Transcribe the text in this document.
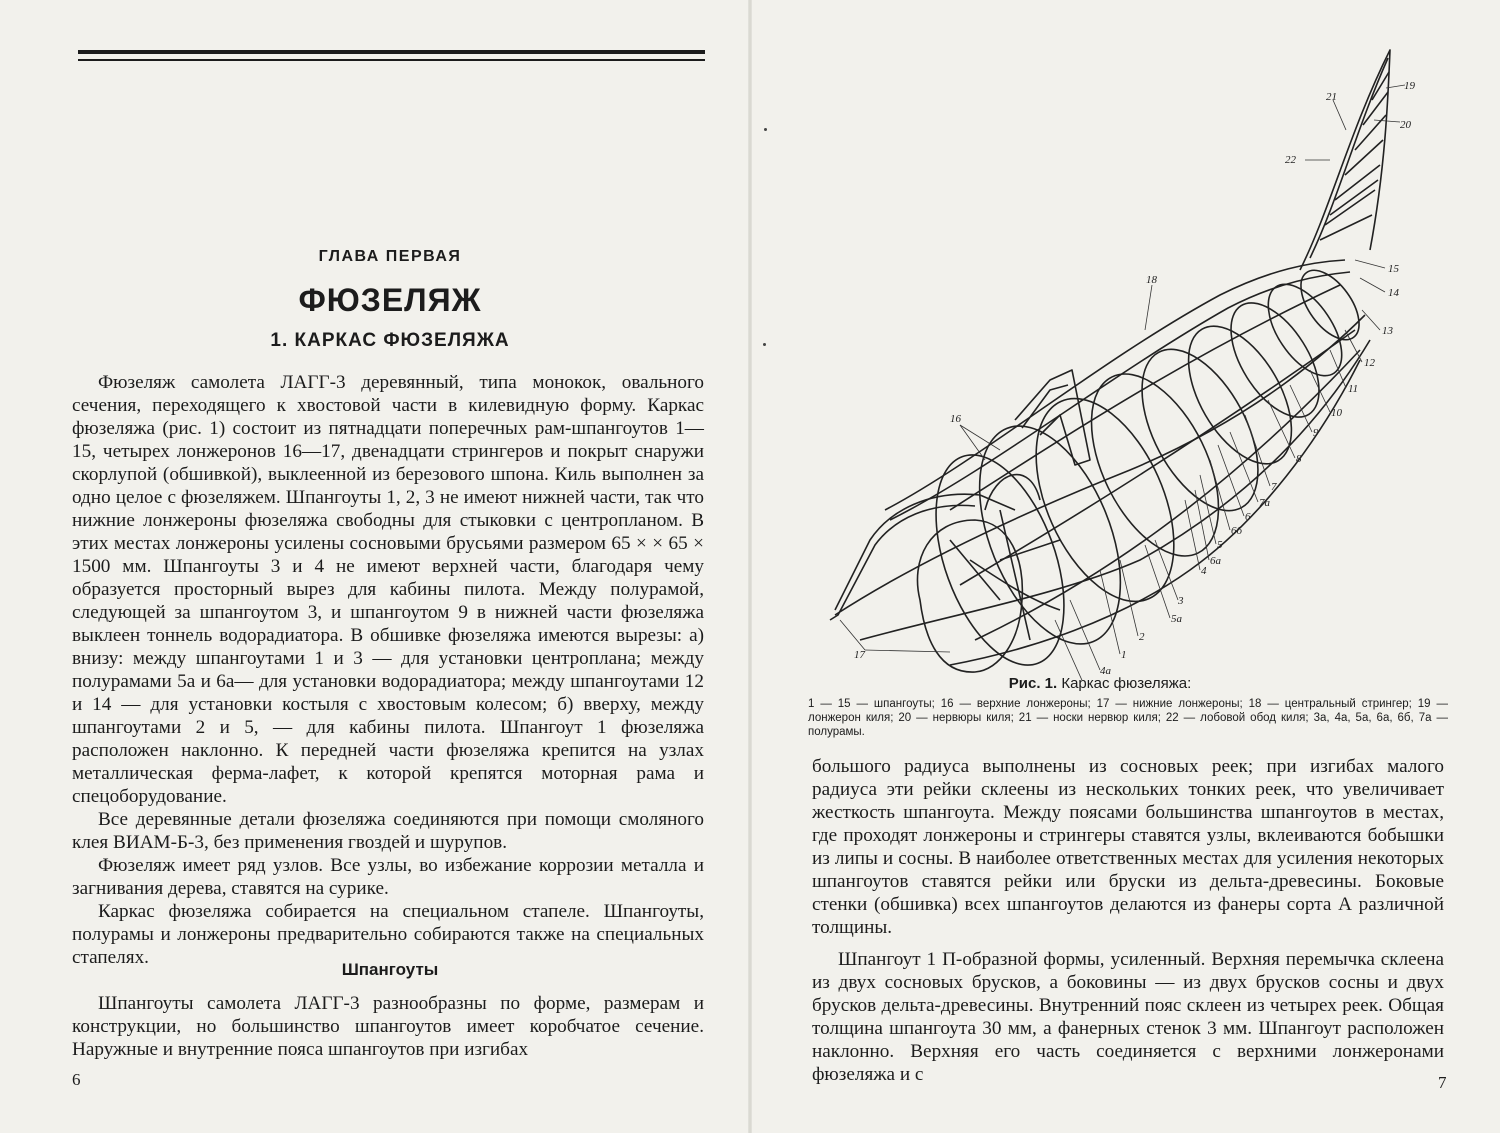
ГЛАВА ПЕРВАЯ
ФЮЗЕЛЯЖ
1. КАРКАС ФЮЗЕЛЯЖА

Фюзеляж самолета ЛАГГ-3 деревянный, типа монокок, овального сечения, переходящего к хвостовой части в килевидную форму. Каркас фюзеляжа (рис. 1) состоит из пятнадцати поперечных рам-шпангоутов 1—15, четырех лонжеронов 16—17, двенадцати стрингеров и покрыт снаружи скорлупой (обшивкой), выклеенной из березового шпона. Киль выполнен за одно целое с фюзеляжем. Шпангоуты 1, 2, 3 не имеют нижней части, так что нижние лонжероны фюзеляжа свободны для стыковки с центропланом. В этих местах лонжероны усилены сосновыми брусьями размером 65 × × 65 × 1500 мм. Шпангоуты 3 и 4 не имеют верхней части, благодаря чему образуется просторный вырез для кабины пилота. Между полурамой, следующей за шпангоутом 3, и шпангоутом 9 в нижней части фюзеляжа выклеен тоннель водорадиатора. В обшивке фюзеляжа имеются вырезы: а) внизу: между шпангоутами 1 и 3 — для установки центроплана; между полурамами 5а и 6а— для установки водорадиатора; между шпангоутами 12 и 14 — для установки костыля с хвостовым колесом; б) вверху, между шпангоутами 2 и 5, — для кабины пилота. Шпангоут 1 фюзеляжа расположен наклонно. К передней части фюзеляжа крепится на узлах металлическая ферма-лафет, к которой крепятся моторная рама и спецоборудование.

Все деревянные детали фюзеляжа соединяются при помощи смоляного клея ВИАМ-Б-3, без применения гвоздей и шурупов.

Фюзеляж имеет ряд узлов. Все узлы, во избежание коррозии металла и загнивания дерева, ставятся на сурике.

Каркас фюзеляжа собирается на специальном стапеле. Шпангоуты, полурамы и лонжероны предварительно собираются также на специальных стапелях.

Шпангоуты

Шпангоуты самолета ЛАГГ-3 разнообразны по форме, размерам и конструкции, но большинство шпангоутов имеет коробчатое сечение. Наружные и внутренние пояса шпангоутов при изгибах

6
19
20
21
22
15
14
13
12
11
10
9
8
7
7а
6
6б
5
6а
4
3
5а
2
1
4а
16
17
18
Рис. 1. Каркас фюзеляжа:
1 — 15 — шпангоуты; 16 — верхние лонжероны; 17 — нижние лонжероны; 18 — центральный стрингер; 19 — лонжерон киля; 20 — нервюры киля; 21 — носки нервюр киля; 22 — лобовой обод киля; 3а, 4а, 5а, 6а, 6б, 7а — полурамы.

большого радиуса выполнены из сосновых реек; при изгибах малого радиуса эти рейки склеены из нескольких тонких реек, что увеличивает жесткость шпангоута. Между поясами большинства шпангоутов в местах, где проходят лонжероны и стрингеры ставятся узлы, вклеиваются бобышки из липы и сосны. В наиболее ответственных местах для усиления некоторых шпангоутов ставятся рейки или бруски из дельта-древесины. Боковые стенки (обшивка) всех шпангоутов делаются из фанеры сорта А различной толщины.

Шпангоут 1 П-образной формы, усиленный. Верхняя перемычка склеена из двух сосновых брусков, а боковины — из двух брусков сосны и двух брусков дельта-древесины. Внутренний пояс склеен из четырех реек. Общая толщина шпангоута 30 мм, а фанерных стенок 3 мм. Шпангоут расположен наклонно. Верхняя его часть соединяется с верхними лонжеронами фюзеляжа и с	7
